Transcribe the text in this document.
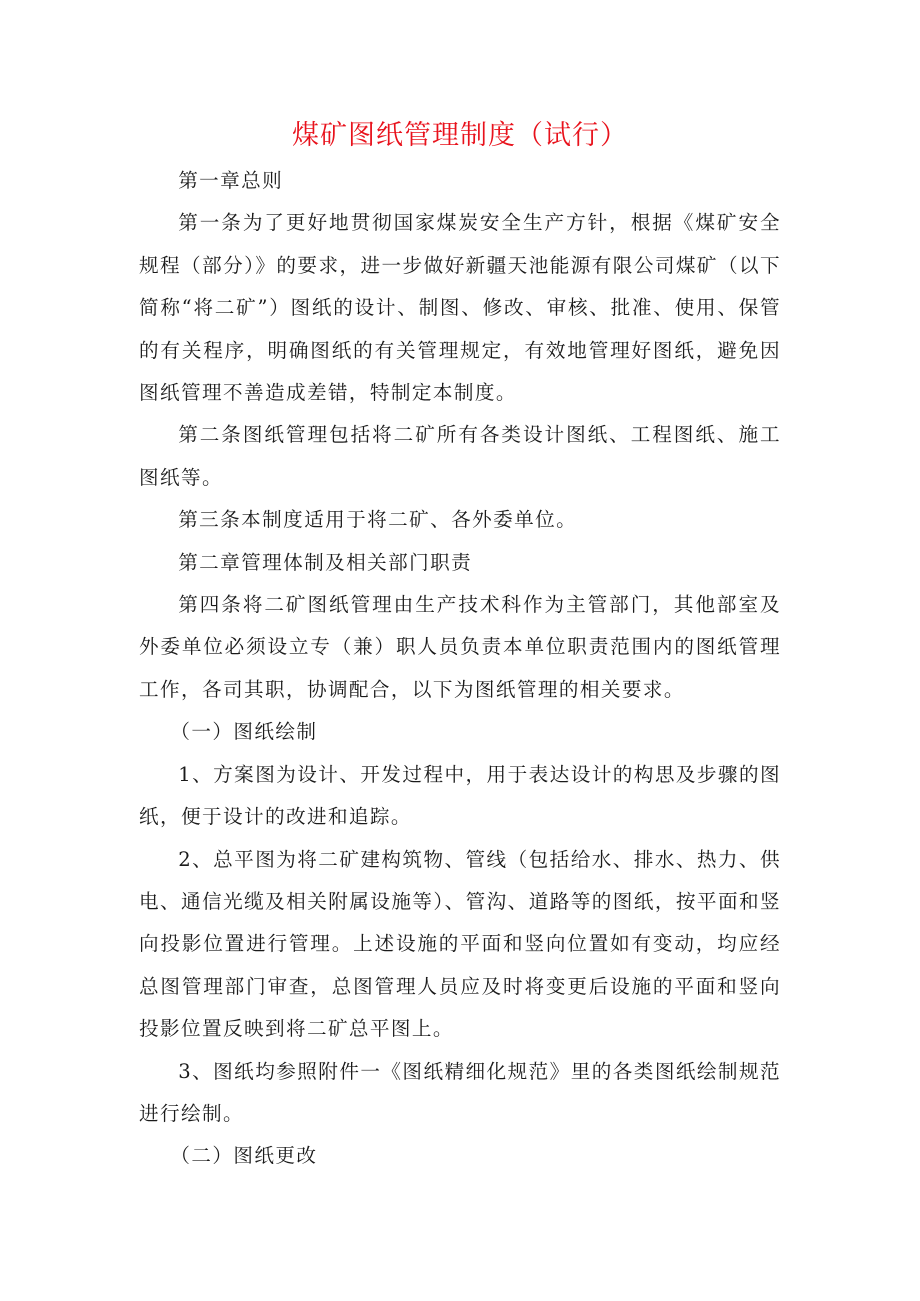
煤矿图纸管理制度（试行）

第一章总则

第一条为了更好地贯彻国家煤炭安全生产方针，根据《煤矿安全规程（部分）》的要求，进一步做好新疆天池能源有限公司煤矿（以下简称“将二矿”）图纸的设计、制图、修改、审核、批准、使用、保管的有关程序，明确图纸的有关管理规定，有效地管理好图纸，避免因图纸管理不善造成差错，特制定本制度。

第二条图纸管理包括将二矿所有各类设计图纸、工程图纸、施工图纸等。

第三条本制度适用于将二矿、各外委单位。

第二章管理体制及相关部门职责

第四条将二矿图纸管理由生产技术科作为主管部门，其他部室及外委单位必须设立专（兼）职人员负责本单位职责范围内的图纸管理工作，各司其职，协调配合，以下为图纸管理的相关要求。

（一）图纸绘制

1、方案图为设计、开发过程中，用于表达设计的构思及步骤的图纸，便于设计的改进和追踪。

2、总平图为将二矿建构筑物、管线（包括给水、排水、热力、供电、通信光缆及相关附属设施等）、管沟、道路等的图纸，按平面和竖向投影位置进行管理。上述设施的平面和竖向位置如有变动，均应经总图管理部门审查，总图管理人员应及时将变更后设施的平面和竖向投影位置反映到将二矿总平图上。

3、图纸均参照附件一《图纸精细化规范》里的各类图纸绘制规范进行绘制。

（二）图纸更改
